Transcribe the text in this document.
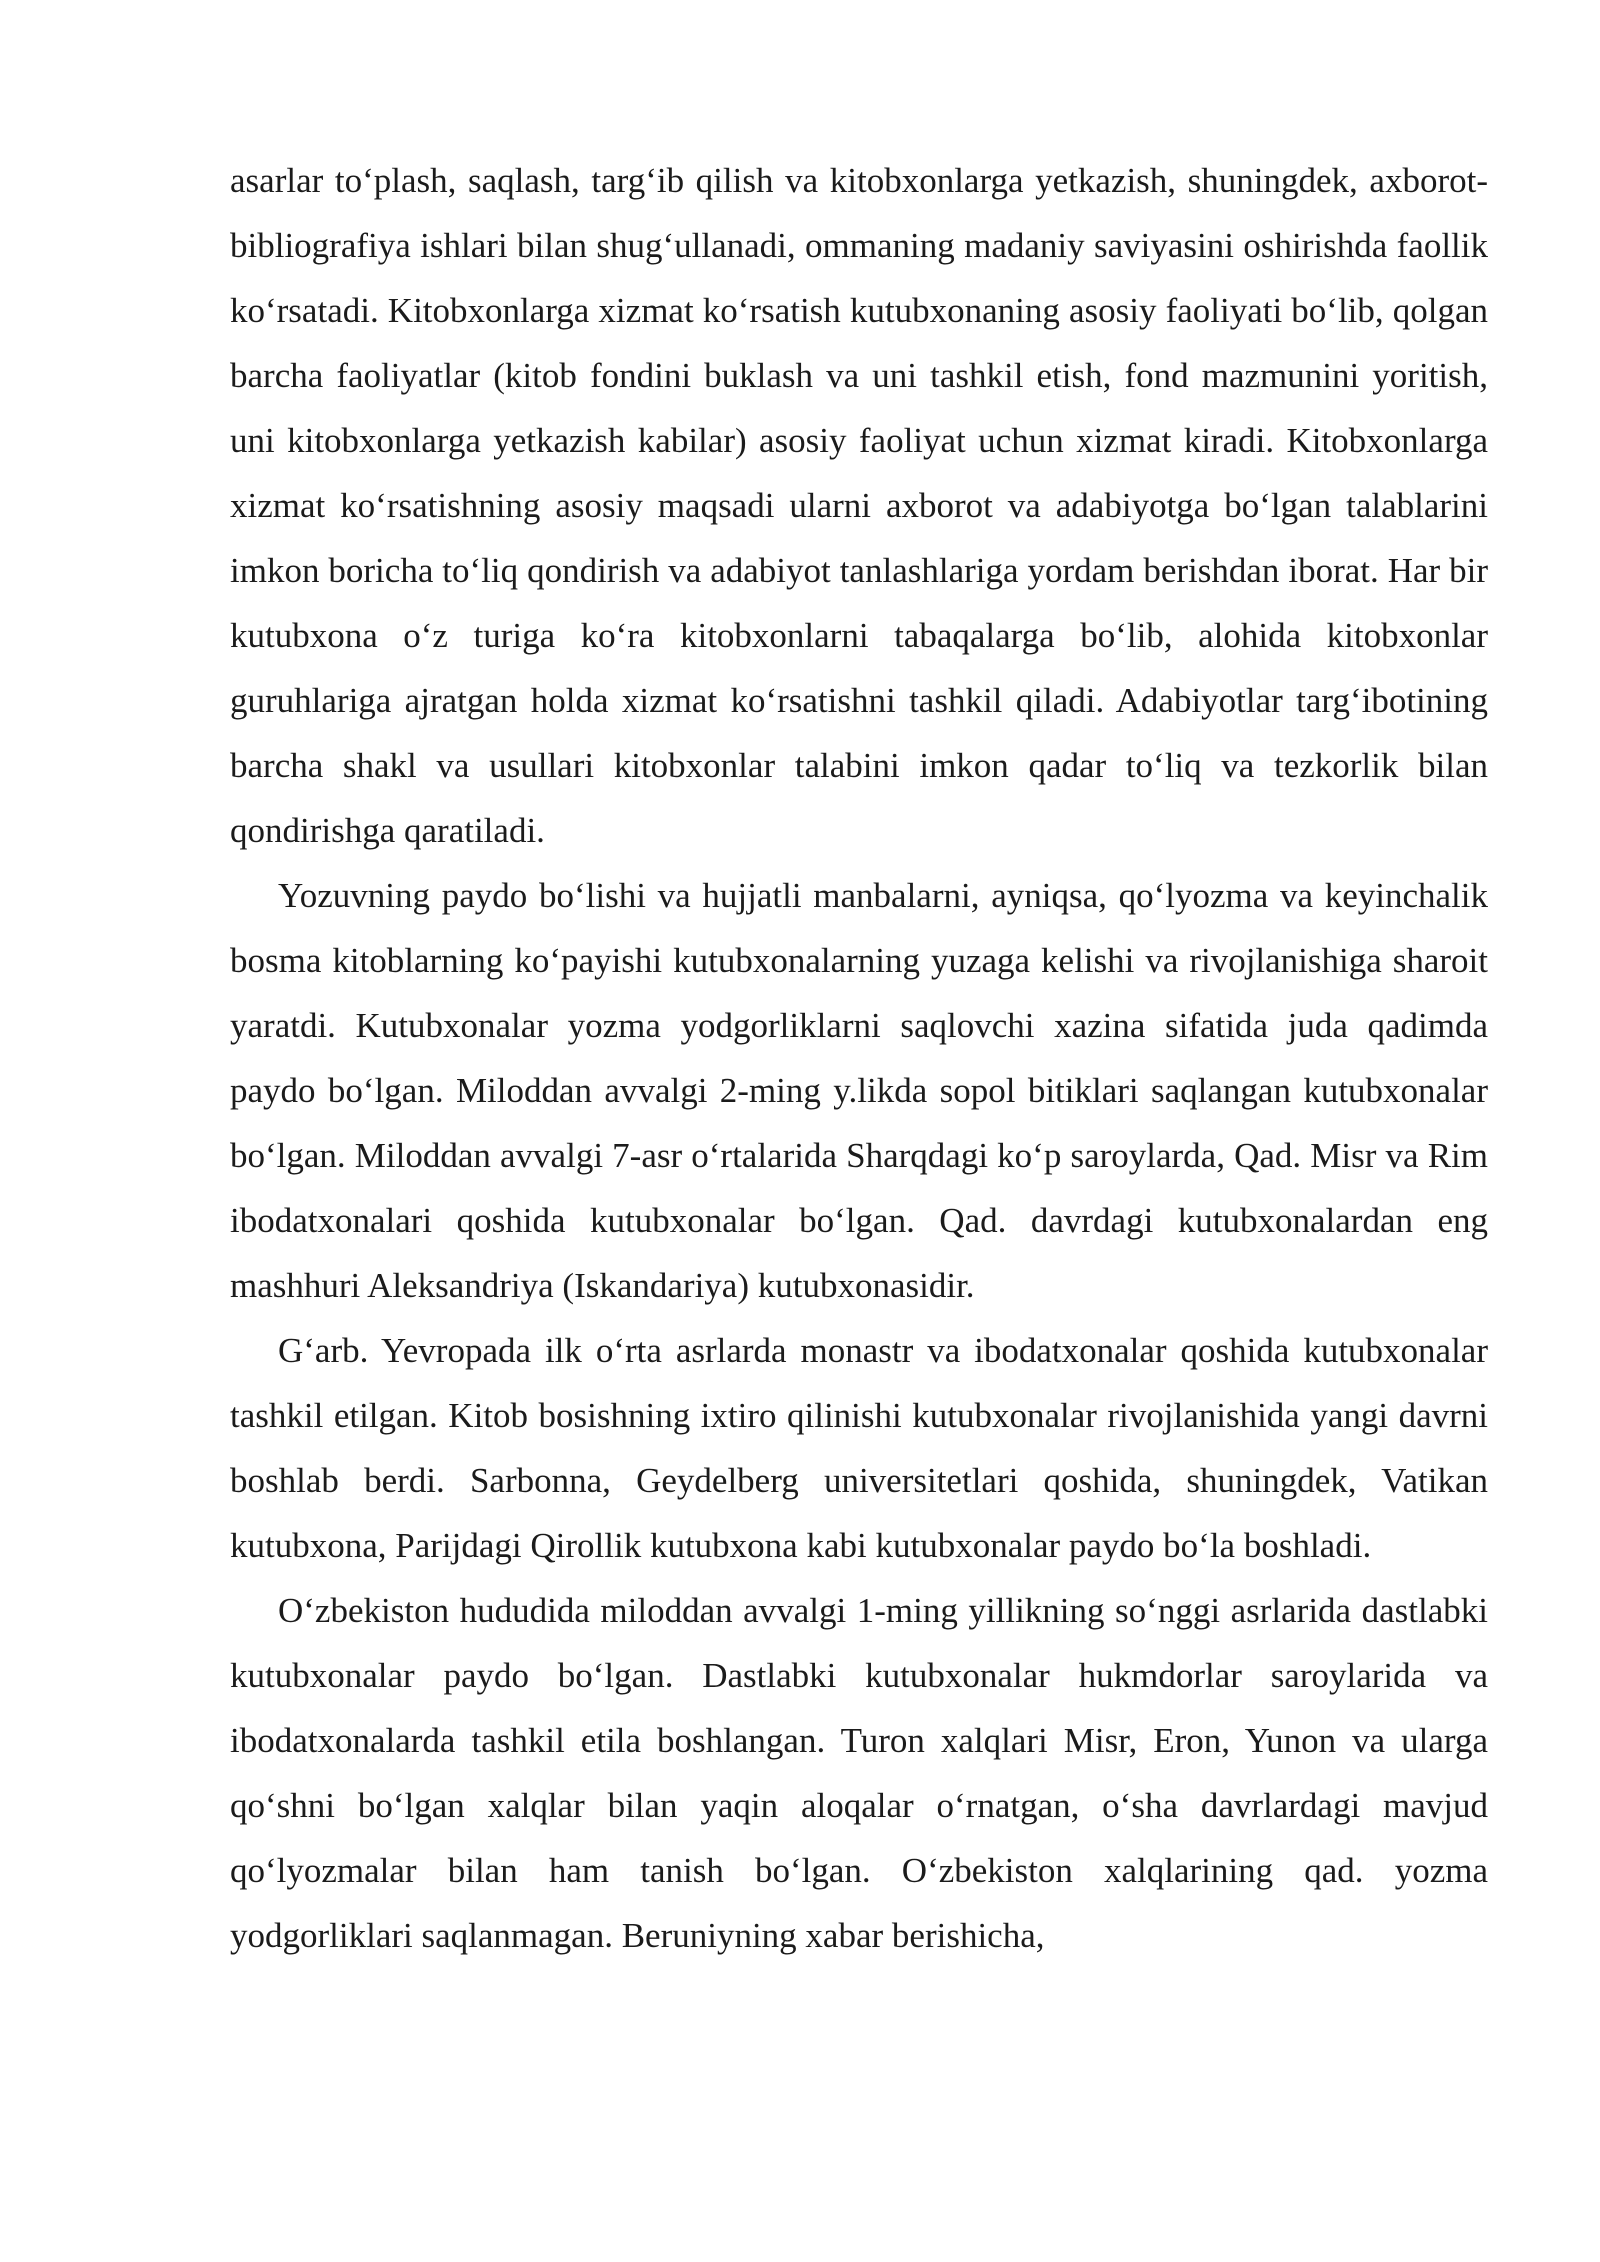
asarlar to‘plash, saqlash, targ‘ib qilish va kitobxonlarga yetkazish, shuningdek, axborot-bibliografiya ishlari bilan shug‘ullanadi, ommaning madaniy saviyasini oshirishda faollik ko‘rsatadi. Kitobxonlarga xizmat ko‘rsatish kutubxonaning asosiy faoliyati bo‘lib, qolgan barcha faoliyatlar (kitob fondini buklash va uni tashkil etish, fond mazmunini yoritish, uni kitobxonlarga yetkazish kabilar) asosiy faoliyat uchun xizmat kiradi. Kitobxonlarga xizmat ko‘rsatishning asosiy maqsadi ularni axborot va adabiyotga bo‘lgan talablarini imkon boricha to‘liq qondirish va adabiyot tanlashlariga yordam berishdan iborat. Har bir kutubxona o‘z turiga ko‘ra kitobxonlarni tabaqalarga bo‘lib, alohida kitobxonlar guruhlariga ajratgan holda xizmat ko‘rsatishni tashkil qiladi. Adabiyotlar targ‘ibotining barcha shakl va usullari kitobxonlar talabini imkon qadar to‘liq va tezkorlik bilan qondirishga qaratiladi.

Yozuvning paydo bo‘lishi va hujjatli manbalarni, ayniqsa, qo‘lyozma va keyinchalik bosma kitoblarning ko‘payishi kutubxonalarning yuzaga kelishi va rivojlanishiga sharoit yaratdi. Kutubxonalar yozma yodgorliklarni saqlovchi xazina sifatida juda qadimda paydo bo‘lgan. Miloddan avvalgi 2-ming y.likda sopol bitiklari saqlangan kutubxonalar bo‘lgan. Miloddan avvalgi 7-asr o‘rtalarida Sharqdagi ko‘p saroylarda, Qad. Misr va Rim ibodatxonalari qoshida kutubxonalar bo‘lgan. Qad. davrdagi kutubxonalardan eng mashhuri Aleksandriya (Iskandariya) kutubxonasidir.

G‘arb. Yevropada ilk o‘rta asrlarda monastr va ibodatxonalar qoshida kutubxonalar tashkil etilgan. Kitob bosishning ixtiro qilinishi kutubxonalar rivojlanishida yangi davrni boshlab berdi. Sarbonna, Geydelberg universitetlari qoshida, shuningdek, Vatikan kutubxona, Parijdagi Qirollik kutubxona kabi kutubxonalar paydo bo‘la boshladi.

O‘zbekiston hududida miloddan avvalgi 1-ming yillikning so‘nggi asrlarida dastlabki kutubxonalar paydo bo‘lgan. Dastlabki kutubxonalar hukmdorlar saroylarida va ibodatxonalarda tashkil etila boshlangan. Turon xalqlari Misr, Eron, Yunon va ularga qo‘shni bo‘lgan xalqlar bilan yaqin aloqalar o‘rnatgan, o‘sha davrlardagi mavjud qo‘lyozmalar bilan ham tanish bo‘lgan. O‘zbekiston xalqlarining qad. yozma yodgorliklari saqlanmagan. Beruniyning xabar berishicha,
